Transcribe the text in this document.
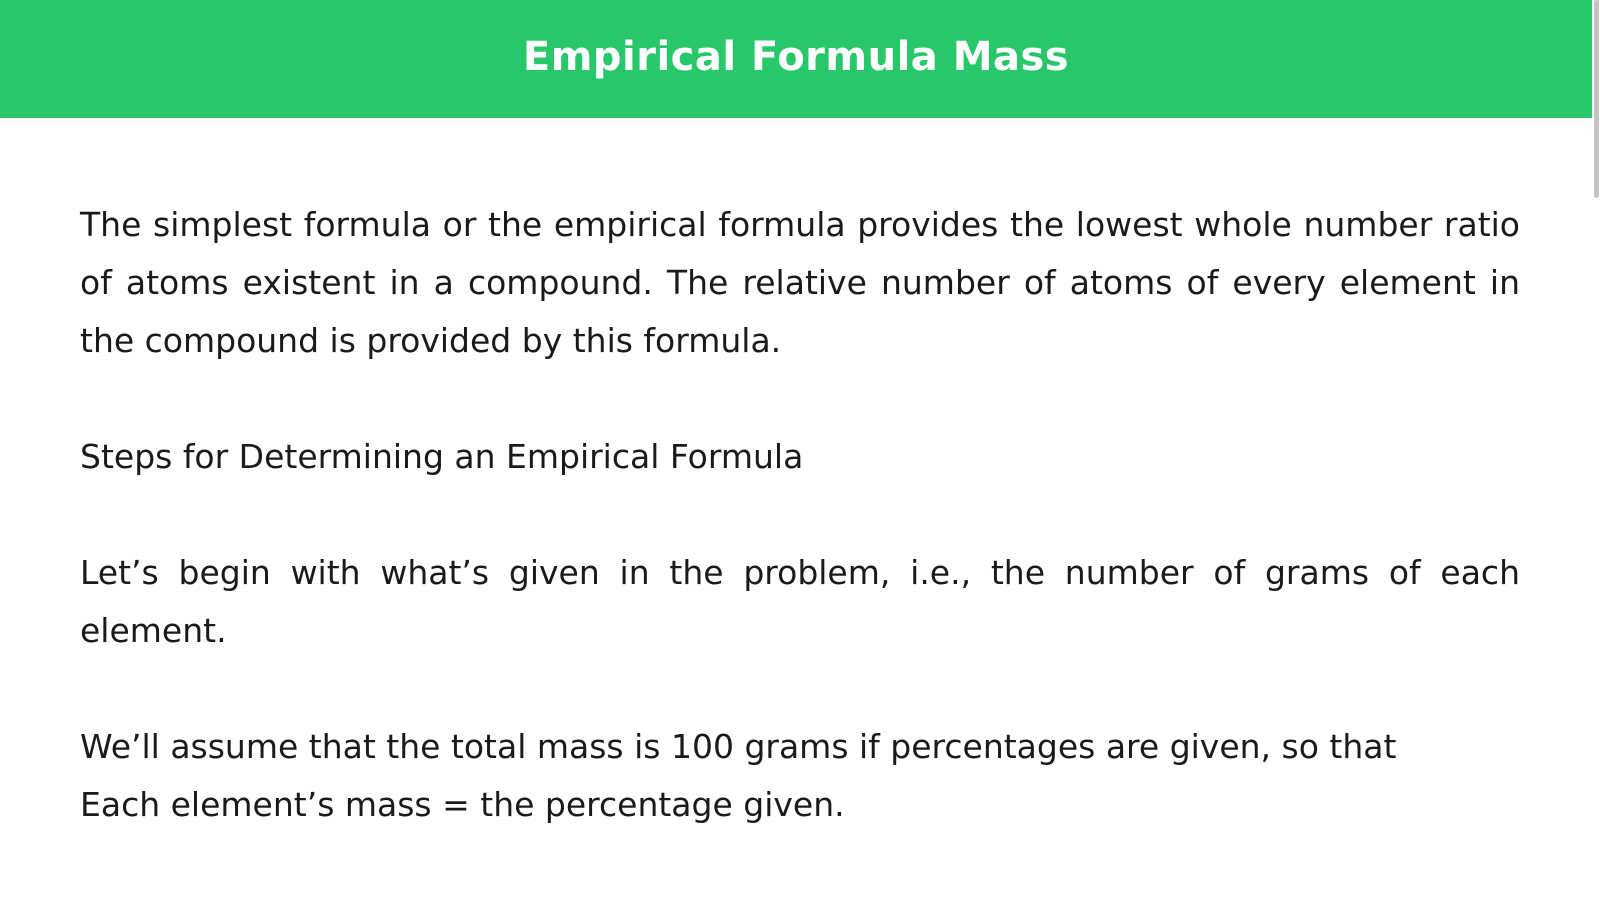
Empirical Formula Mass

The simplest formula or the empirical formula provides the lowest whole number ratio of atoms existent in a compound. The relative number of atoms of every element in the compound is provided by this formula.

Steps for Determining an Empirical Formula

Let’s begin with what’s given in the problem, i.e., the number of grams of each element.

We’ll assume that the total mass is 100 grams if percentages are given, so that
Each element’s mass = the percentage given.
